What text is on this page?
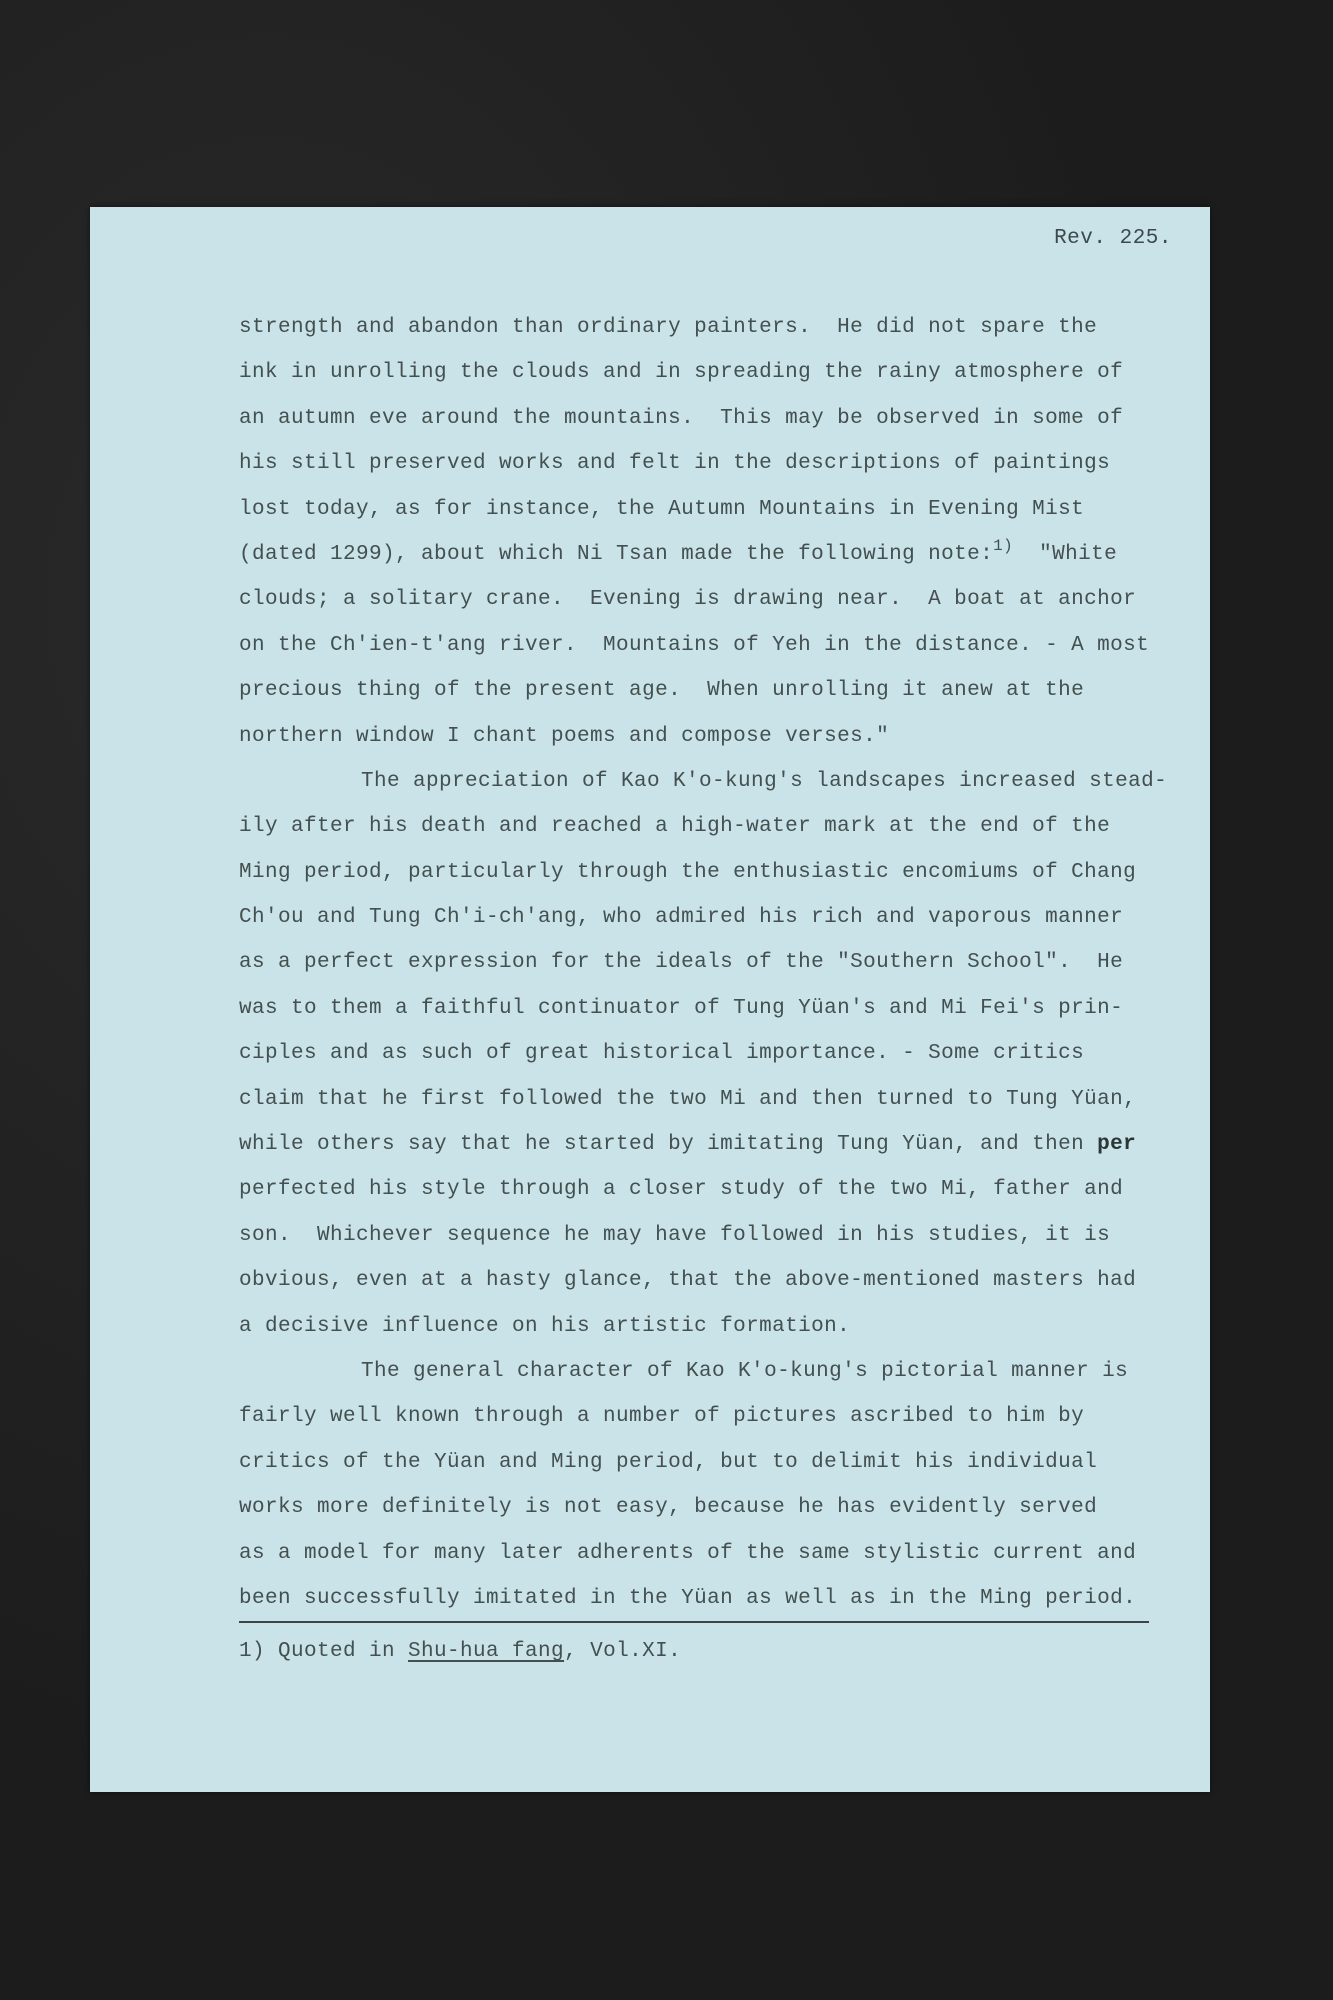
Rev. 225.
strength and abandon than ordinary painters.  He did not spare the
ink in unrolling the clouds and in spreading the rainy atmosphere of
an autumn eve around the mountains.  This may be observed in some of
his still preserved works and felt in the descriptions of paintings
lost today, as for instance, the Autumn Mountains in Evening Mist
(dated 1299), about which Ni Tsan made the following note:$^{1)}$  "White
clouds; a solitary crane.  Evening is drawing near.  A boat at anchor
on the Ch'ien-t'ang river.  Mountains of Yeh in the distance. - A most
precious thing of the present age.  When unrolling it anew at the
northern window I chant poems and compose verses."
The appreciation of Kao K'o-kung's landscapes increased stead-
ily after his death and reached a high-water mark at the end of the
Ming period, particularly through the enthusiastic encomiums of Chang
Ch'ou and Tung Ch'i-ch'ang, who admired his rich and vaporous manner
as a perfect expression for the ideals of the "Southern School".  He
was to them a faithful continuator of Tung Yüan's and Mi Fei's prin-
ciples and as such of great historical importance. - Some critics
claim that he first followed the two Mi and then turned to Tung Yüan,
while others say that he started by imitating Tung Yüan, and then per
perfected his style through a closer study of the two Mi, father and
son.  Whichever sequence he may have followed in his studies, it is
obvious, even at a hasty glance, that the above-mentioned masters had
a decisive influence on his artistic formation.
The general character of Kao K'o-kung's pictorial manner is
fairly well known through a number of pictures ascribed to him by
critics of the Yüan and Ming period, but to delimit his individual
works more definitely is not easy, because he has evidently served
as a model for many later adherents of the same stylistic current and
been successfully imitated in the Yüan as well as in the Ming period.
1) Quoted in Shu-hua fang, Vol.XI.
